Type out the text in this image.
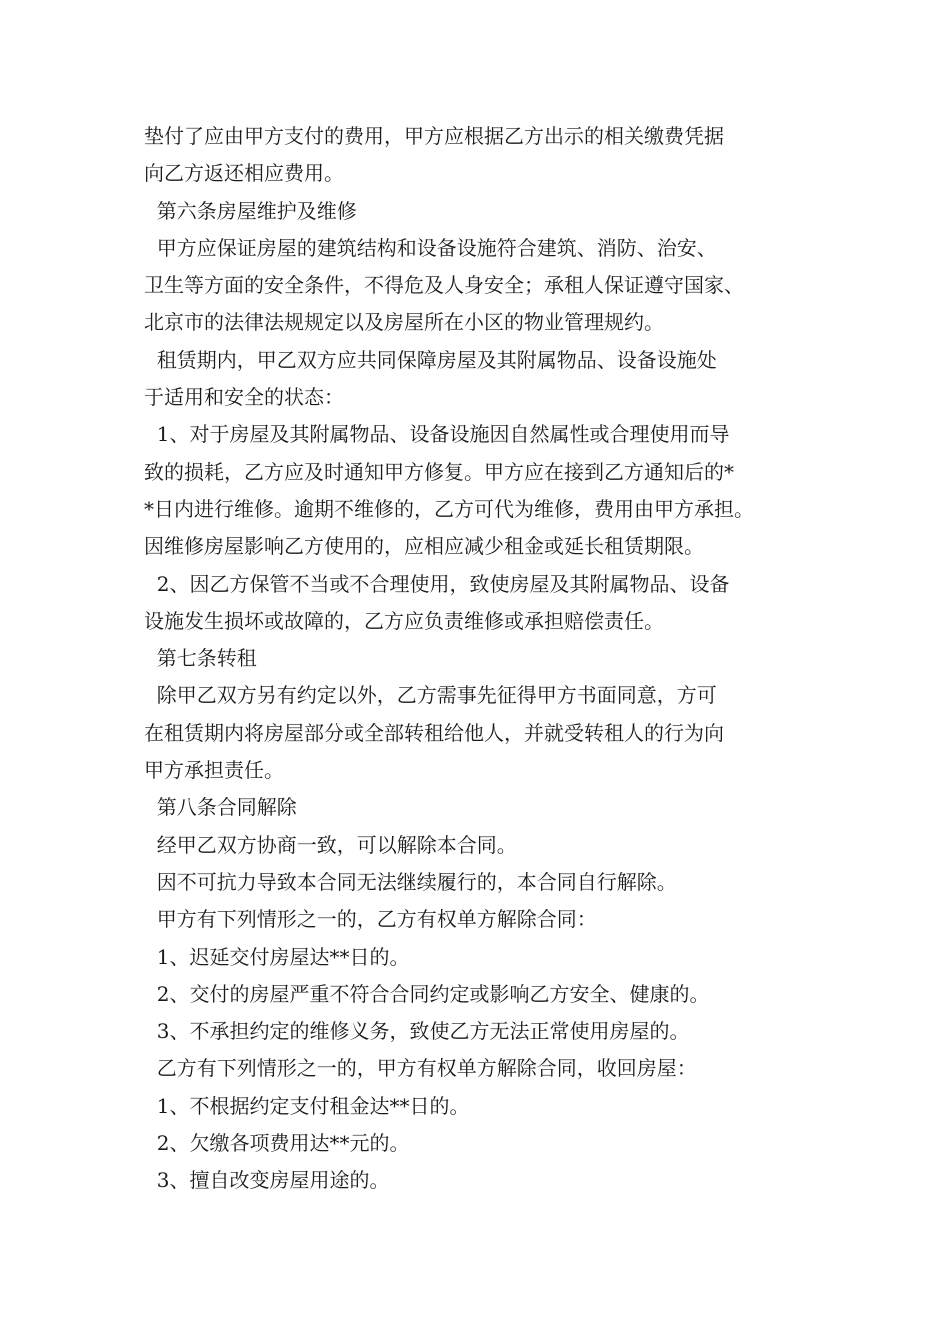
垫付了应由甲方支付的费用，甲方应根据乙方出示的相关缴费凭据

向乙方返还相应费用。

第六条房屋维护及维修

甲方应保证房屋的建筑结构和设备设施符合建筑、消防、治安、

卫生等方面的安全条件，不得危及人身安全；承租人保证遵守国家、

北京市的法律法规规定以及房屋所在小区的物业管理规约。

租赁期内，甲乙双方应共同保障房屋及其附属物品、设备设施处

于适用和安全的状态：

1、对于房屋及其附属物品、设备设施因自然属性或合理使用而导

致的损耗，乙方应及时通知甲方修复。甲方应在接到乙方通知后的*

*日内进行维修。逾期不维修的，乙方可代为维修，费用由甲方承担。

因维修房屋影响乙方使用的，应相应减少租金或延长租赁期限。

2、因乙方保管不当或不合理使用，致使房屋及其附属物品、设备

设施发生损坏或故障的，乙方应负责维修或承担赔偿责任。

第七条转租

除甲乙双方另有约定以外，乙方需事先征得甲方书面同意，方可

在租赁期内将房屋部分或全部转租给他人，并就受转租人的行为向

甲方承担责任。

第八条合同解除

经甲乙双方协商一致，可以解除本合同。

因不可抗力导致本合同无法继续履行的，本合同自行解除。

甲方有下列情形之一的，乙方有权单方解除合同：

1、迟延交付房屋达**日的。

2、交付的房屋严重不符合合同约定或影响乙方安全、健康的。

3、不承担约定的维修义务，致使乙方无法正常使用房屋的。

乙方有下列情形之一的，甲方有权单方解除合同，收回房屋：

1、不根据约定支付租金达**日的。

2、欠缴各项费用达**元的。

3、擅自改变房屋用途的。
